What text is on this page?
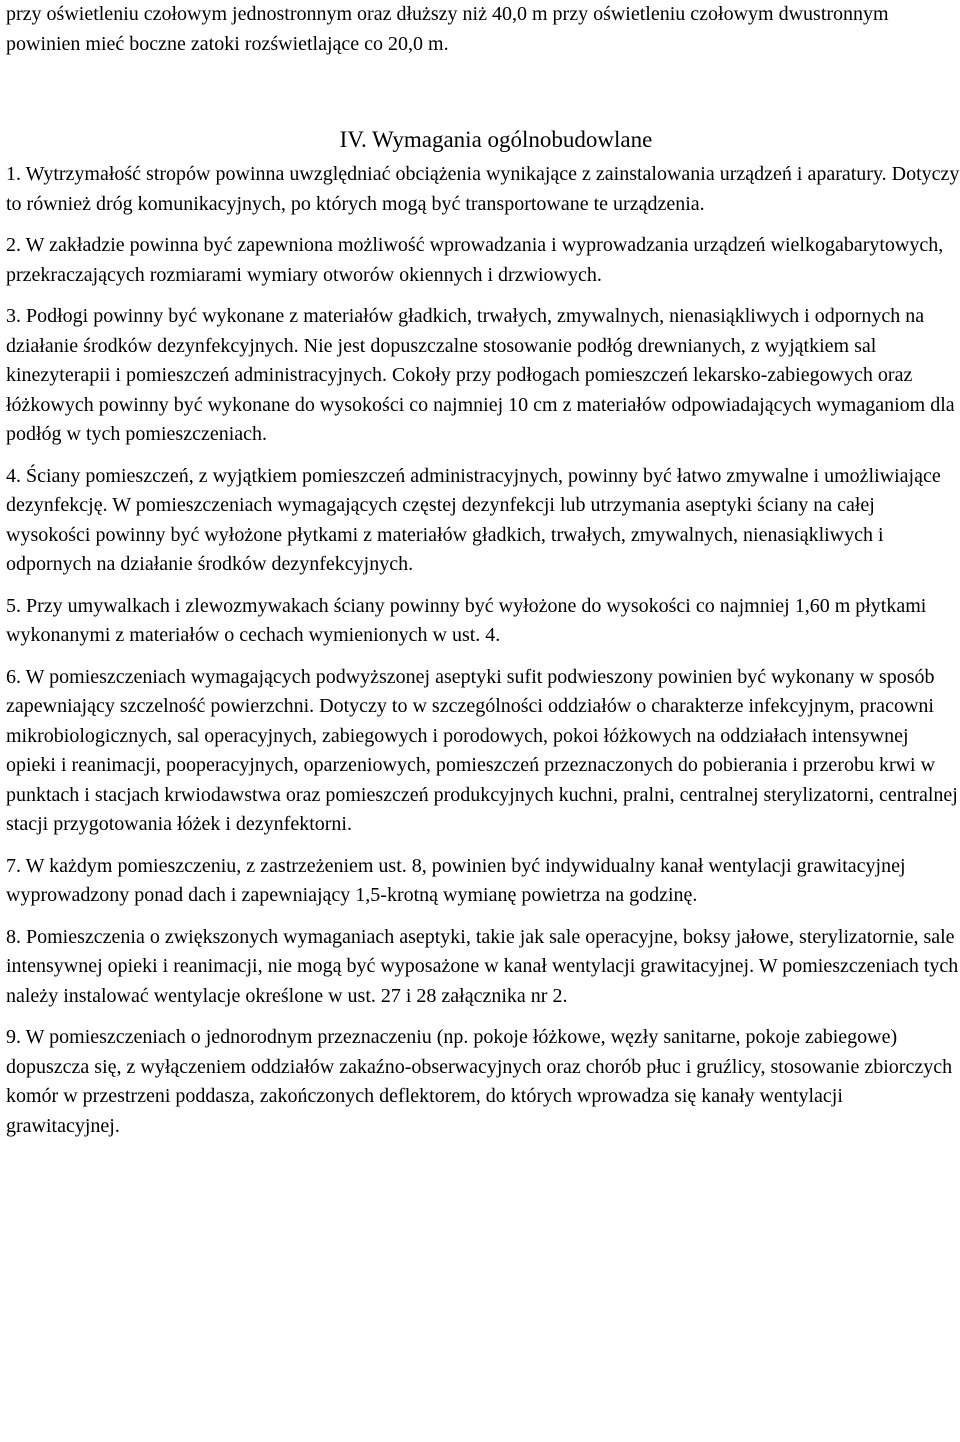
przy oświetleniu czołowym jednostronnym oraz dłuższy niż 40,0 m przy oświetleniu czołowym dwustronnym powinien mieć boczne zatoki rozświetlające co 20,0 m.

IV. Wymagania ogólnobudowlane

1. Wytrzymałość stropów powinna uwzględniać obciążenia wynikające z zainstalowania urządzeń i aparatury. Dotyczy to również dróg komunikacyjnych, po których mogą być transportowane te urządzenia.

2. W zakładzie powinna być zapewniona możliwość wprowadzania i wyprowadzania urządzeń wielkogabarytowych, przekraczających rozmiarami wymiary otworów okiennych i drzwiowych.

3. Podłogi powinny być wykonane z materiałów gładkich, trwałych, zmywalnych, nienasiąkliwych i odpornych na działanie środków dezynfekcyjnych. Nie jest dopuszczalne stosowanie podłóg drewnianych, z wyjątkiem sal kinezyterapii i pomieszczeń administracyjnych. Cokoły przy podłogach pomieszczeń lekarsko-zabiegowych oraz łóżkowych powinny być wykonane do wysokości co najmniej 10 cm z materiałów odpowiadających wymaganiom dla podłóg w tych pomieszczeniach.

4. Ściany pomieszczeń, z wyjątkiem pomieszczeń administracyjnych, powinny być łatwo zmywalne i umożliwiające dezynfekcję. W pomieszczeniach wymagających częstej dezynfekcji lub utrzymania aseptyki ściany na całej wysokości powinny być wyłożone płytkami z materiałów gładkich, trwałych, zmywalnych, nienasiąkliwych i odpornych na działanie środków dezynfekcyjnych.

5. Przy umywalkach i zlewozmywakach ściany powinny być wyłożone do wysokości co najmniej 1,60 m płytkami wykonanymi z materiałów o cechach wymienionych w ust. 4.

6. W pomieszczeniach wymagających podwyższonej aseptyki sufit podwieszony powinien być wykonany w sposób zapewniający szczelność powierzchni. Dotyczy to w szczególności oddziałów o charakterze infekcyjnym, pracowni mikrobiologicznych, sal operacyjnych, zabiegowych i porodowych, pokoi łóżkowych na oddziałach intensywnej opieki i reanimacji, pooperacyjnych, oparzeniowych, pomieszczeń przeznaczonych do pobierania i przerobu krwi w punktach i stacjach krwiodawstwa oraz pomieszczeń produkcyjnych kuchni, pralni, centralnej sterylizatorni, centralnej stacji przygotowania łóżek i dezynfektorni.

7. W każdym pomieszczeniu, z zastrzeżeniem ust. 8, powinien być indywidualny kanał wentylacji grawitacyjnej wyprowadzony ponad dach i zapewniający 1,5-krotną wymianę powietrza na godzinę.

8. Pomieszczenia o zwiększonych wymaganiach aseptyki, takie jak sale operacyjne, boksy jałowe, sterylizatornie, sale intensywnej opieki i reanimacji, nie mogą być wyposażone w kanał wentylacji grawitacyjnej. W pomieszczeniach tych należy instalować wentylacje określone w ust. 27 i 28 załącznika nr 2.

9. W pomieszczeniach o jednorodnym przeznaczeniu (np. pokoje łóżkowe, węzły sanitarne, pokoje zabiegowe) dopuszcza się, z wyłączeniem oddziałów zakaźno-obserwacyjnych oraz chorób płuc i gruźlicy, stosowanie zbiorczych komór w przestrzeni poddasza, zakończonych deflektorem, do których wprowadza się kanały wentylacji grawitacyjnej.
